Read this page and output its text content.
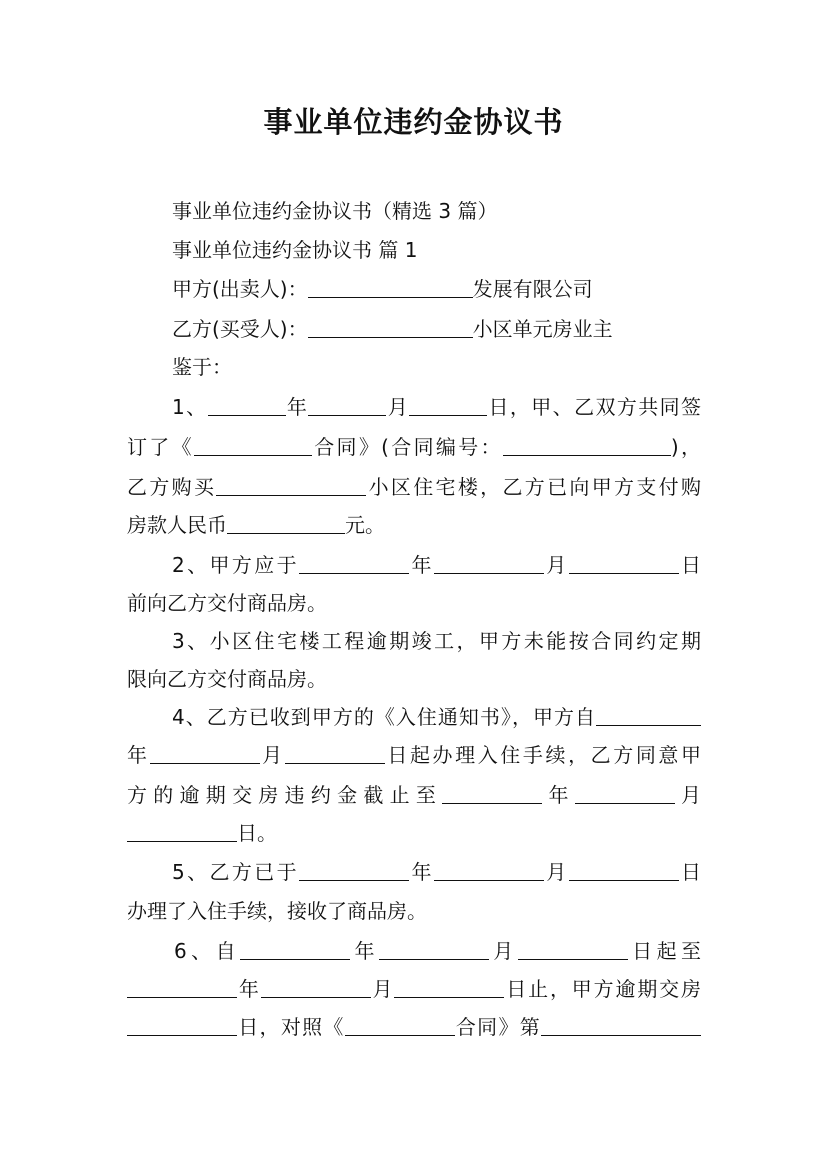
事业单位违约金协议书
事业单位违约金协议书（精选 3 篇）
事业单位违约金协议书 篇 1
甲方(出卖人)：	发展有限公司
乙方(买受人)：	小区单元房业主
鉴于：
1、	年	月	日，甲、乙双方共同签
订了《	合同》(合同编号：	)，
乙方购买	小区住宅楼，乙方已向甲方支付购
房款人民币	元。
2、甲方应于	年	月	日
前向乙方交付商品房。
3、小区住宅楼工程逾期竣工，甲方未能按合同约定期
限向乙方交付商品房。
4、乙方已收到甲方的《入住通知书》，甲方自
年	月	日起办理入住手续，乙方同意甲
方的逾期交房违约金截止至	年	月
日。
5、乙方已于	年	月	日
办理了入住手续，接收了商品房。
6、自	年	月	日起至
年	月	日止，甲方逾期交房
日，对照《	合同》第
